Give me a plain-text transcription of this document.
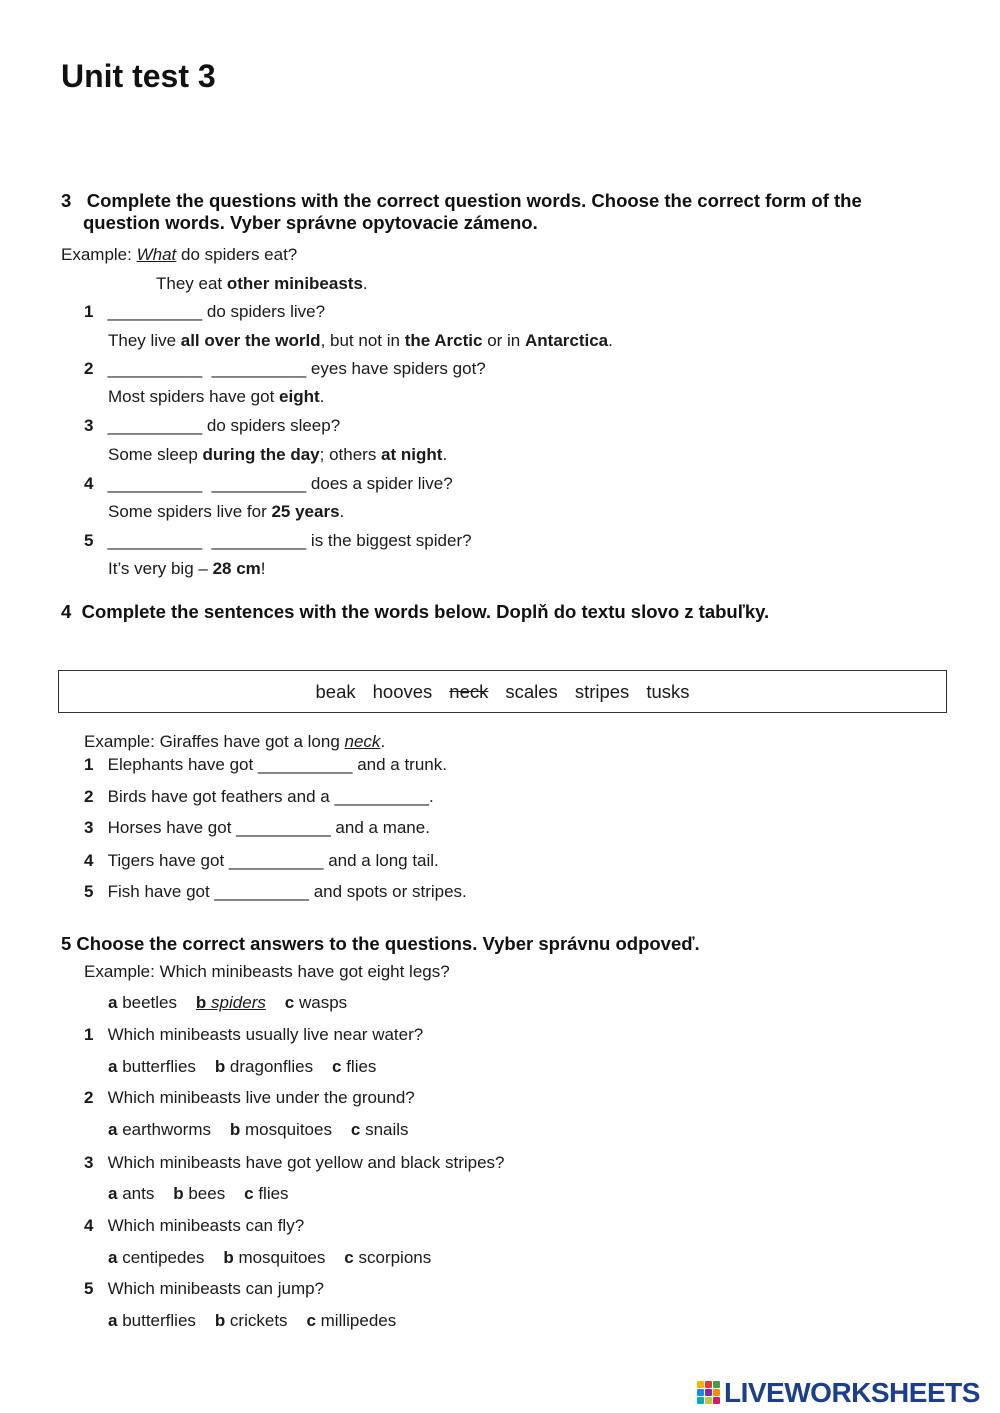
Unit test 3
3 Complete the questions with the correct question words. Choose the correct form of the
question words. Vyber správne opytovacie zámeno.
Example: What do spiders eat?
They eat other minibeasts.
1 __________ do spiders live?
They live all over the world, but not in the Arctic or in Antarctica.
2 __________ __________ eyes have spiders got?
Most spiders have got eight.
3 __________ do spiders sleep?
Some sleep during the day; others at night.
4 __________ __________ does a spider live?
Some spiders live for 25 years.
5 __________ __________ is the biggest spider?
It’s very big – 28 cm!
4 Complete the sentences with the words below. Doplň do textu slovo z tabuľky.
beak hooves neck scales stripes tusks
Example: Giraffes have got a long neck.
1 Elephants have got __________ and a trunk.
2 Birds have got feathers and a __________.
3 Horses have got __________ and a mane.
4 Tigers have got __________ and a long tail.
5 Fish have got __________ and spots or stripes.
5 Choose the correct answers to the questions. Vyber správnu odpoveď.
Example: Which minibeasts have got eight legs?
a beetles b spiders c wasps
1 Which minibeasts usually live near water?
a butterflies b dragonflies c flies
2 Which minibeasts live under the ground?
a earthworms b mosquitoes c snails
3 Which minibeasts have got yellow and black stripes?
a ants b bees c flies
4 Which minibeasts can fly?
a centipedes b mosquitoes c scorpions
5 Which minibeasts can jump?
a butterflies b crickets c millipedes
LIVEWORKSHEETS
